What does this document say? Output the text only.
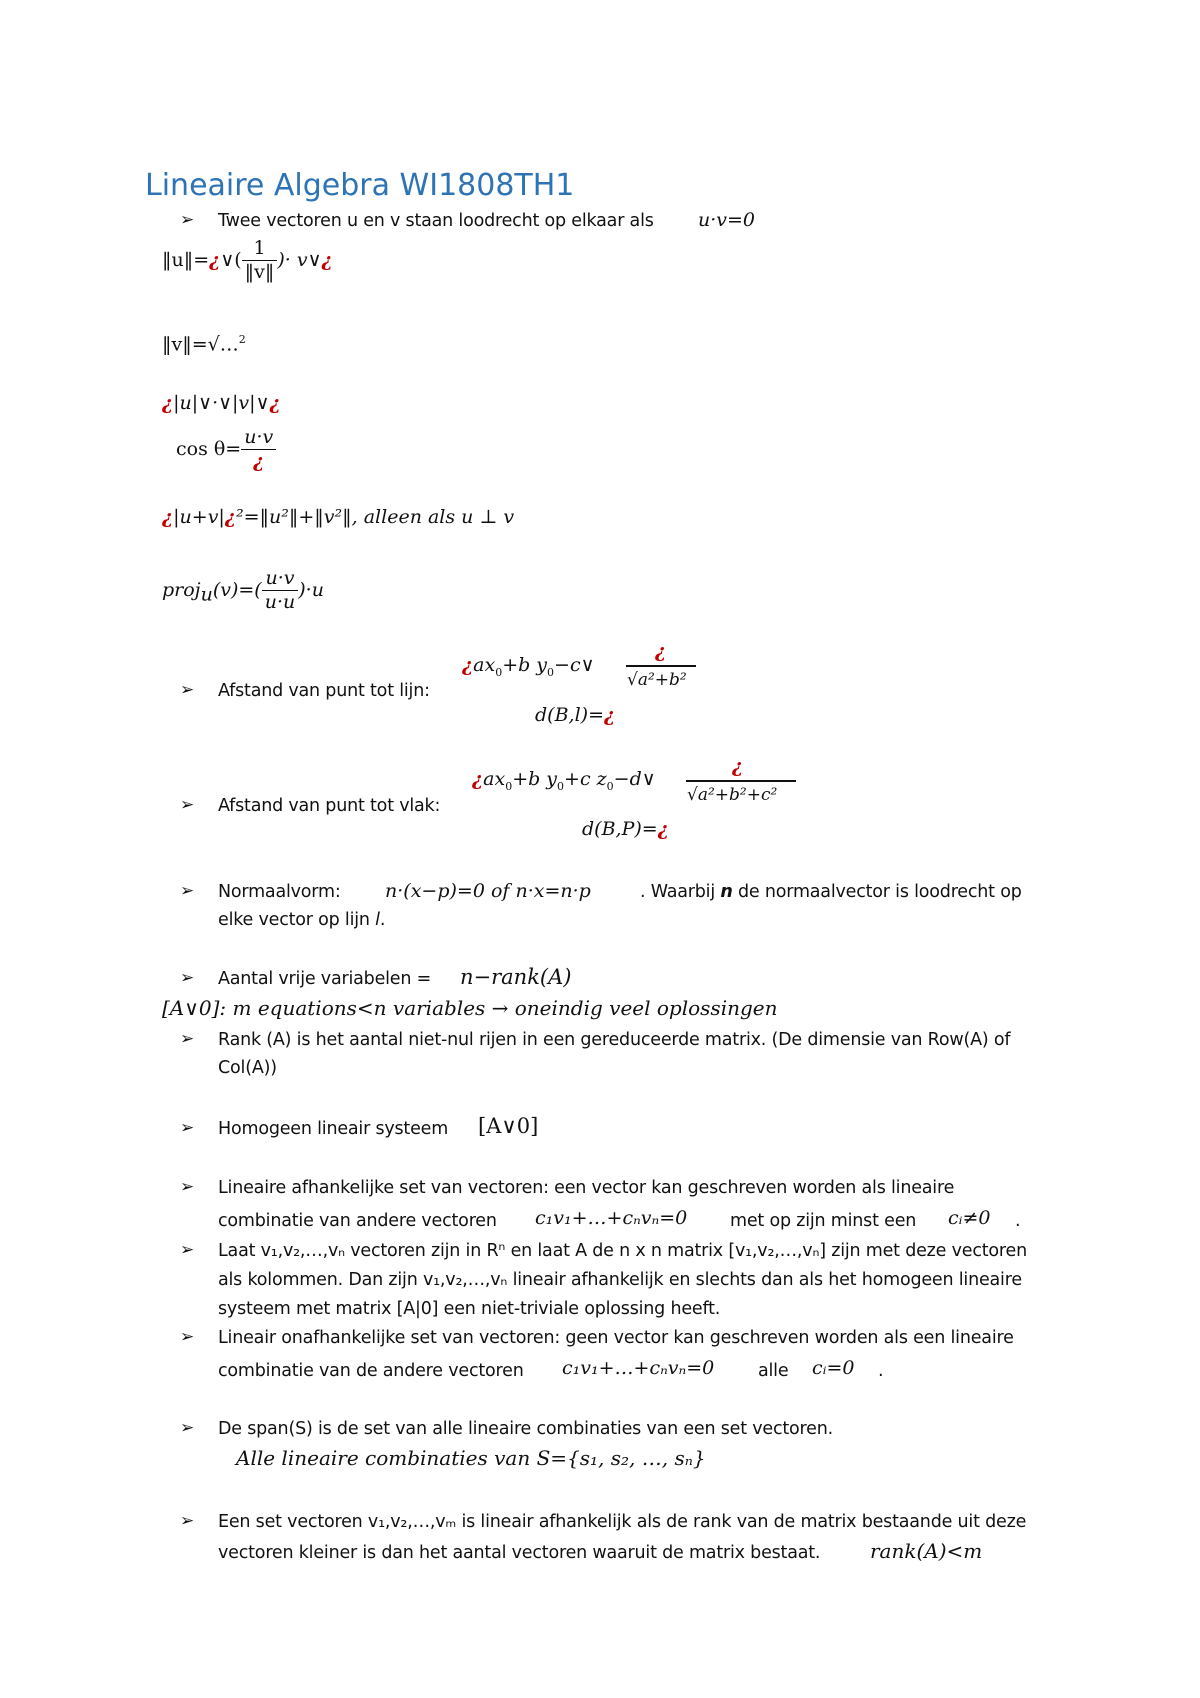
Lineaire Algebra WI1808TH1
➢ Twee vectoren u en v staan loodrecht op elkaar als u·v=0
‖u‖=¿∨( $\frac{1}{‖v‖}$ )· v∨¿
‖v‖=√…$^2$
¿|u|∨·∨|v|∨¿
$\cos \theta= \frac{u\cdot v}{¿}$
¿|u+v|¿²=‖u²‖+‖v²‖, alleen als u ⊥ v
proj$_u$(v)=( $\frac{u\cdot v}{u\cdot u} )\cdot u$
➢ Afstand van punt tot lijn:
¿$ax_0+b$ $y_0-c\vee$
¿
√a²+b²
d(B,l)=¿
➢ Afstand van punt tot vlak:
¿$ax_0+b$ $y_0+c$ $z_0-d\vee$
¿
√a²+b²+c²
d(B,P)=¿
➢ Normaalvorm: n·(x−p)=0 of n·x=n·p	. Waarbij n de normaalvector is loodrecht op
elke vector op lijn l.
➢ Aantal vrije variabelen = n−rank(A)
[A∨0]: m equations<n variables → oneindig veel oplossingen
➢ Rank (A) is het aantal niet-nul rijen in een gereduceerde matrix. (De dimensie van Row(A) of
Col(A))
➢ Homogeen lineair systeem [A∨0]
➢ Lineaire afhankelijke set van vectoren: een vector kan geschreven worden als lineaire
combinatie van andere vectoren c₁v₁+…+cₙvₙ=0 met op zijn minst een cᵢ≠0 .
➢ Laat v₁,v₂,…,vₙ vectoren zijn in Rⁿ en laat A de n x n matrix [v₁,v₂,…,vₙ] zijn met deze vectoren
als kolommen. Dan zijn v₁,v₂,…,vₙ lineair afhankelijk en slechts dan als het homogeen lineaire
systeem met matrix [A|0] een niet-triviale oplossing heeft.
➢ Lineair onafhankelijke set van vectoren: geen vector kan geschreven worden als een lineaire
combinatie van de andere vectoren c₁v₁+…+cₙvₙ=0	alle cᵢ=0 .
➢ De span(S) is de set van alle lineaire combinaties van een set vectoren.
Alle lineaire combinaties van S={s₁, s₂, …, sₙ}
➢ Een set vectoren v₁,v₂,…,vₘ is lineair afhankelijk als de rank van de matrix bestaande uit deze
vectoren kleiner is dan het aantal vectoren waaruit de matrix bestaat. rank(A)<m
